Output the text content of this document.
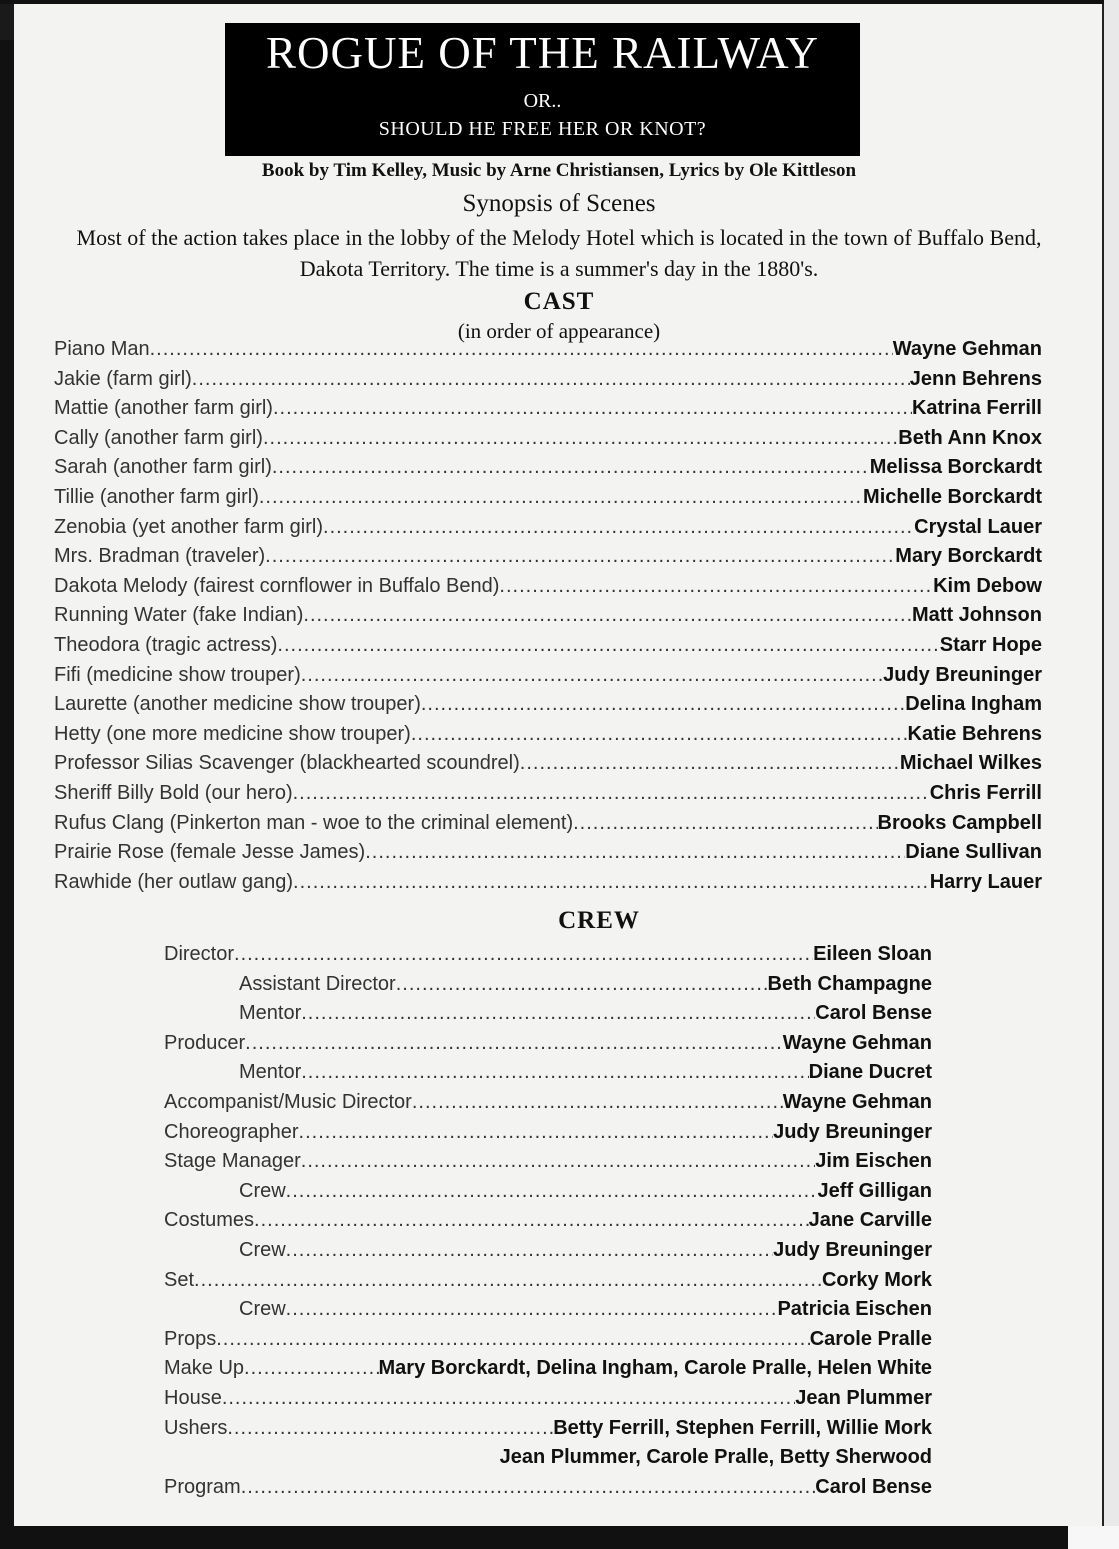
ROGUE OF THE RAILWAY
OR..
SHOULD HE FREE HER OR KNOT?
Book by Tim Kelley, Music by Arne Christiansen, Lyrics by Ole Kittleson
Synopsis of Scenes
Most of the action takes place in the lobby of the Melody Hotel which is located in the town of Buffalo Bend, Dakota Territory. The time is a summer's day in the 1880's.
CAST
(in order of appearance)
Piano Man .....	Wayne Gehman
Jakie (farm girl) .....	Jenn Behrens
Mattie (another farm girl) .....	Katrina Ferrill
Cally (another farm girl) .....	Beth Ann Knox
Sarah (another farm girl) .....	Melissa Borckardt
Tillie (another farm girl) .....	Michelle Borckardt
Zenobia (yet another farm girl) .....	Crystal Lauer
Mrs. Bradman (traveler) .....	Mary Borckardt
Dakota Melody (fairest cornflower in Buffalo Bend) .....	Kim Debow
Running Water (fake Indian) .....	Matt Johnson
Theodora (tragic actress) .....	Starr Hope
Fifi (medicine show trouper) .....	Judy Breuninger
Laurette (another medicine show trouper) .....	Delina Ingham
Hetty (one more medicine show trouper) .....	Katie Behrens
Professor Silias Scavenger (blackhearted scoundrel) .....	Michael Wilkes
Sheriff Billy Bold (our hero) .....	Chris Ferrill
Rufus Clang (Pinkerton man - woe to the criminal element) .....	Brooks Campbell
Prairie Rose (female Jesse James) .....	Diane Sullivan
Rawhide (her outlaw gang) .....	Harry Lauer
CREW
Director .....	Eileen Sloan
Assistant Director .....	Beth Champagne
Mentor .....	Carol Bense
Producer .....	Wayne Gehman
Mentor .....	Diane Ducret
Accompanist/Music Director .....	Wayne Gehman
Choreographer .....	Judy Breuninger
Stage Manager .....	Jim Eischen
Crew .....	Jeff Gilligan
Costumes .....	Jane Carville
Crew .....	Judy Breuninger
Set .....	Corky Mork
Crew .....	Patricia Eischen
Props .....	Carole Pralle
Make Up .....	Mary Borckardt, Delina Ingham, Carole Pralle, Helen White
House .....	Jean Plummer
Ushers .....	Betty Ferrill, Stephen Ferrill, Willie Mork
Jean Plummer, Carole Pralle, Betty Sherwood
Program .....	Carol Bense
